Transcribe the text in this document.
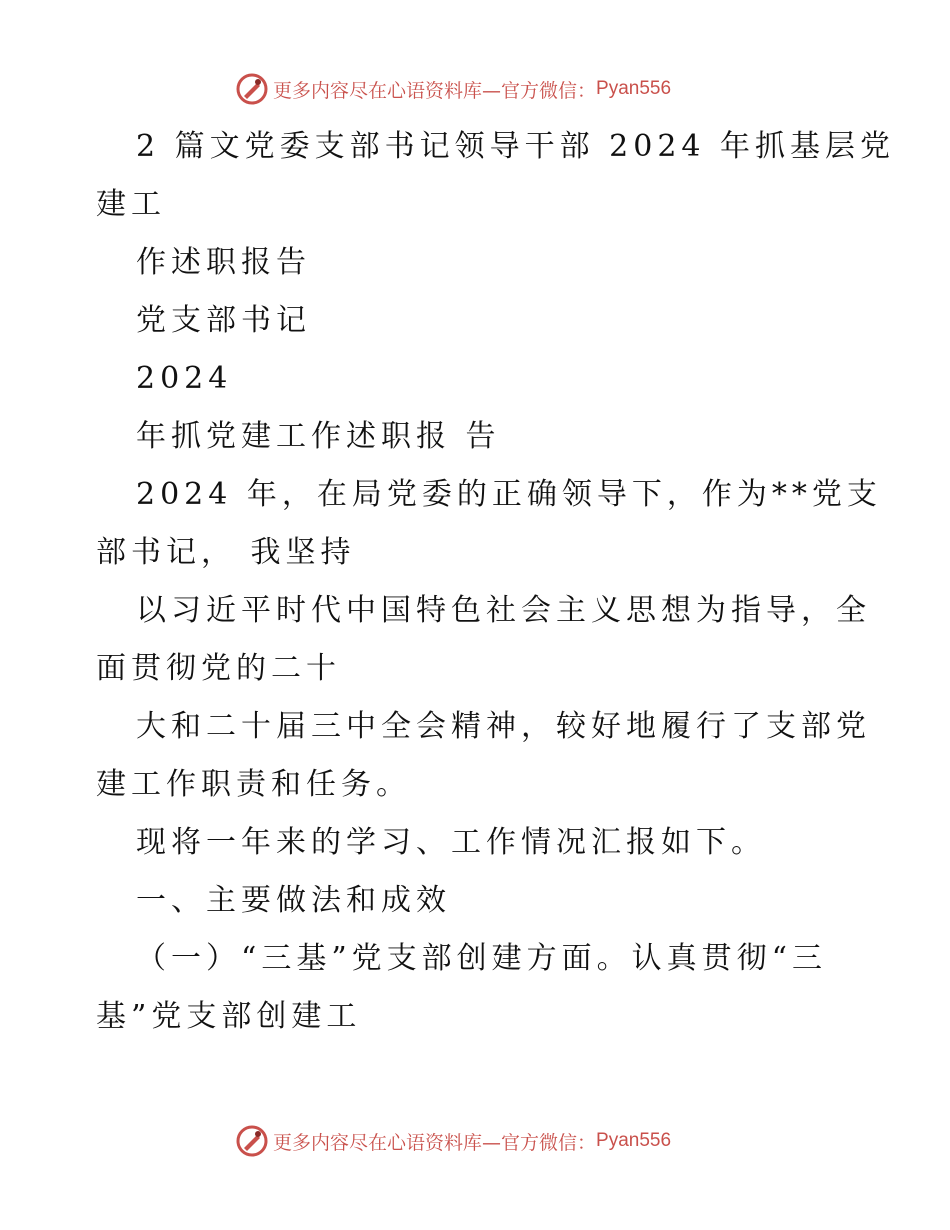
更多内容尽在心语资料库—官方微信： Pyan556
2 篇文党委支部书记领导干部 2024 年抓基层党
建工
作述职报告
党支部书记
2024
年抓党建工作述职报 告
2024 年，在局党委的正确领导下，作为**党支
部书记， 我坚持
以习近平时代中国特色社会主义思想为指导，全
面贯彻党的二十
大和二十届三中全会精神，较好地履行了支部党
建工作职责和任务。
现将一年来的学习、工作情况汇报如下。
一、主要做法和成效
（一）“三基”党支部创建方面。认真贯彻“三
基”党支部创建工
更多内容尽在心语资料库—官方微信： Pyan556
